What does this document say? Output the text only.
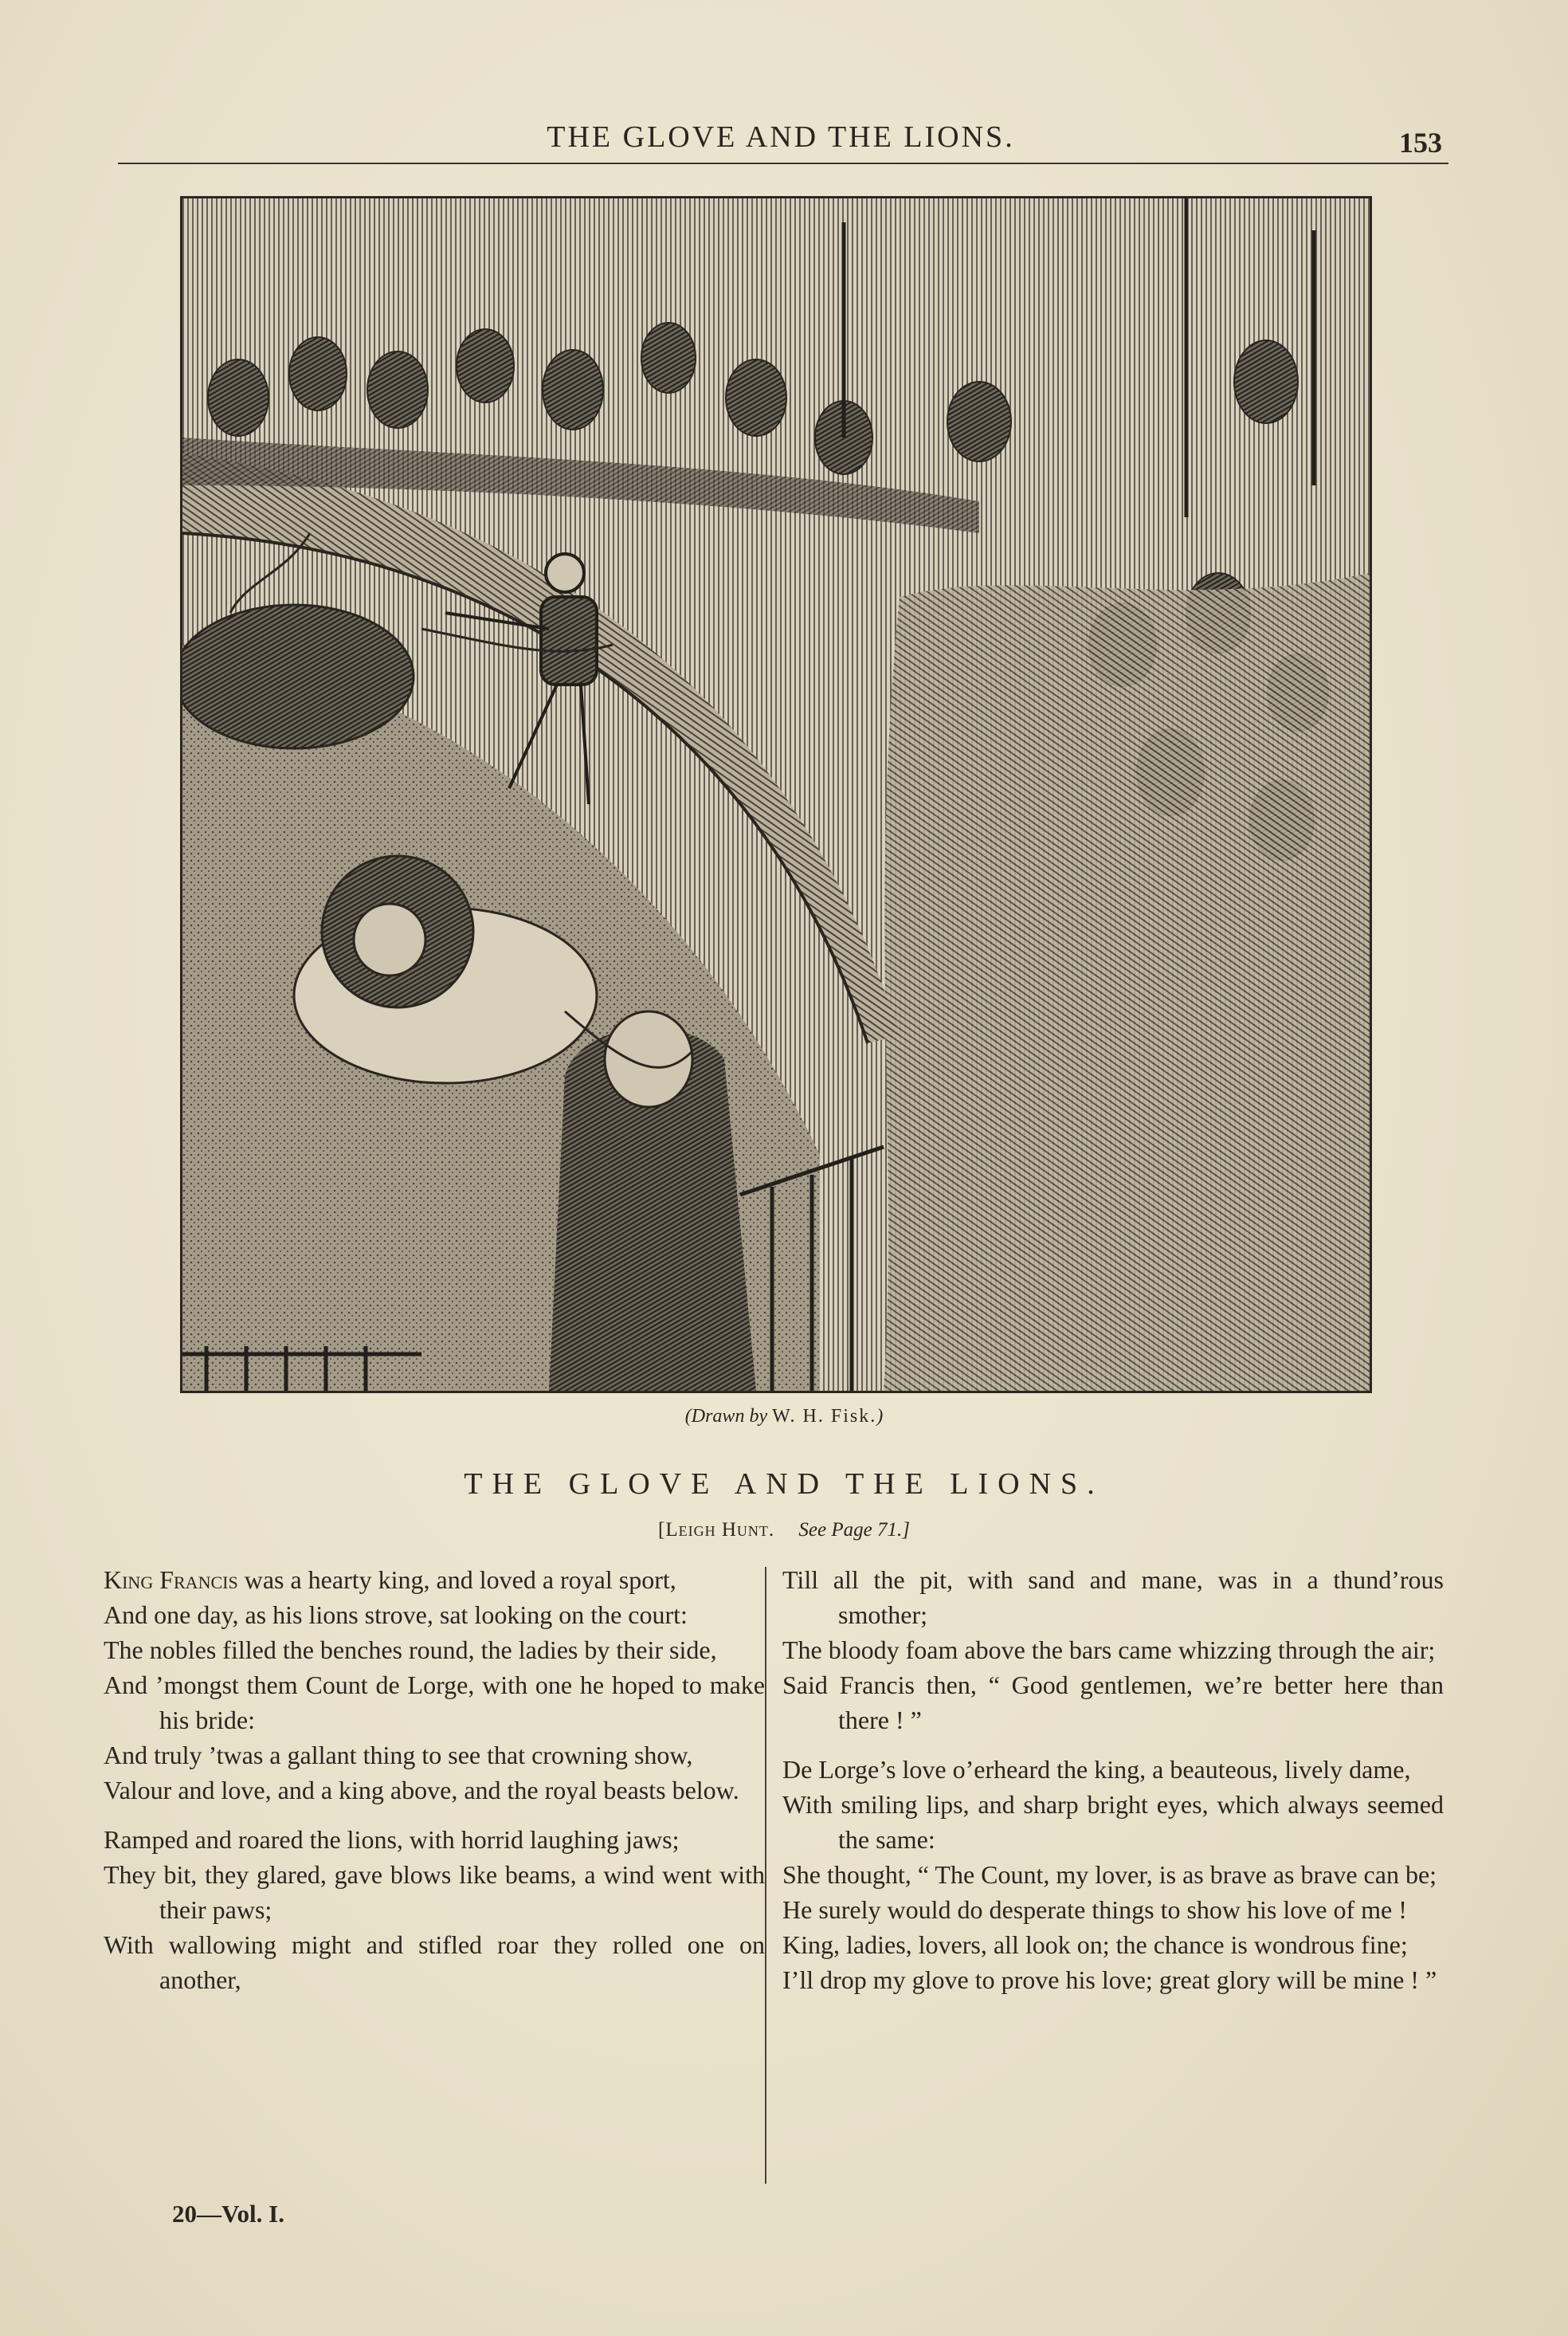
THE GLOVE AND THE LIONS.	153
(Drawn by W. H. Fisk.)
THE GLOVE AND THE LIONS.
[Leigh Hunt. See Page 71.]
King Francis was a hearty king, and loved a royal sport,
And one day, as his lions strove, sat looking on the court:
The nobles filled the benches round, the ladies by their side,
And ’mongst them Count de Lorge, with one he hoped to make his bride:
And truly ’twas a gallant thing to see that crowning show,
Valour and love, and a king above, and the royal beasts below.
Ramped and roared the lions, with horrid laughing jaws;
They bit, they glared, gave blows like beams, a wind went with their paws;
With wallowing might and stifled roar they rolled one on another,
Till all the pit, with sand and mane, was in a thund’rous smother;
The bloody foam above the bars came whizzing through the air;
Said Francis then, “ Good gentlemen, we’re better here than there ! ”
De Lorge’s love o’erheard the king, a beauteous, lively dame,
With smiling lips, and sharp bright eyes, which always seemed the same:
She thought, “ The Count, my lover, is as brave as brave can be;
He surely would do desperate things to show his love of me !
King, ladies, lovers, all look on; the chance is wondrous fine;
I’ll drop my glove to prove his love; great glory will be mine ! ”
20—Vol. I.
